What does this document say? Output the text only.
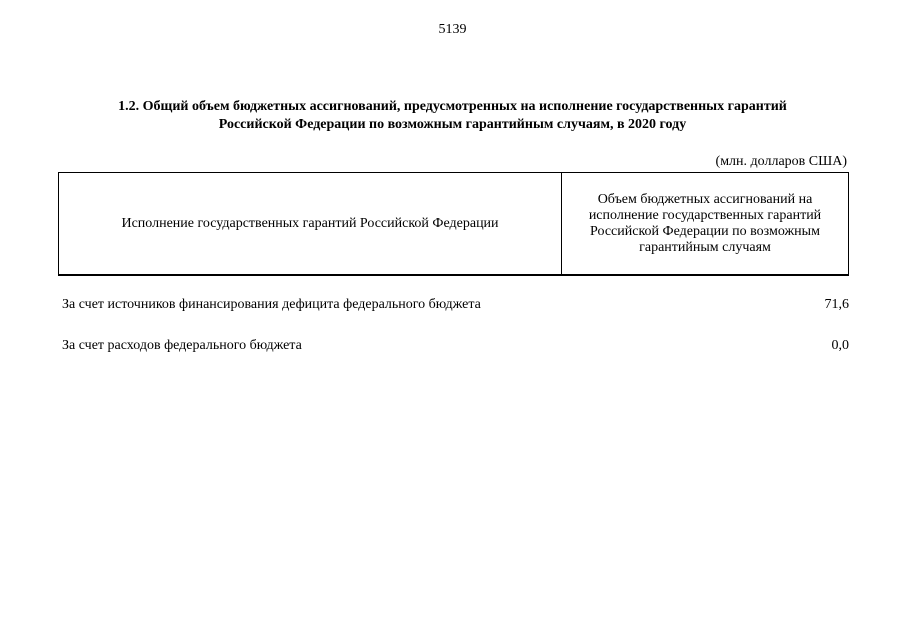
5139
1.2. Общий объем бюджетных ассигнований, предусмотренных на исполнение государственных гарантий
Российской Федерации по возможным гарантийным случаям, в 2020 году
(млн. долларов США)
Исполнение государственных гарантий Российской Федерации
Объем бюджетных ассигнований на исполнение государственных гарантий Российской Федерации по возможным гарантийным случаям
За счет источников финансирования дефицита федерального бюджета	71,6
За счет расходов федерального бюджета	0,0
